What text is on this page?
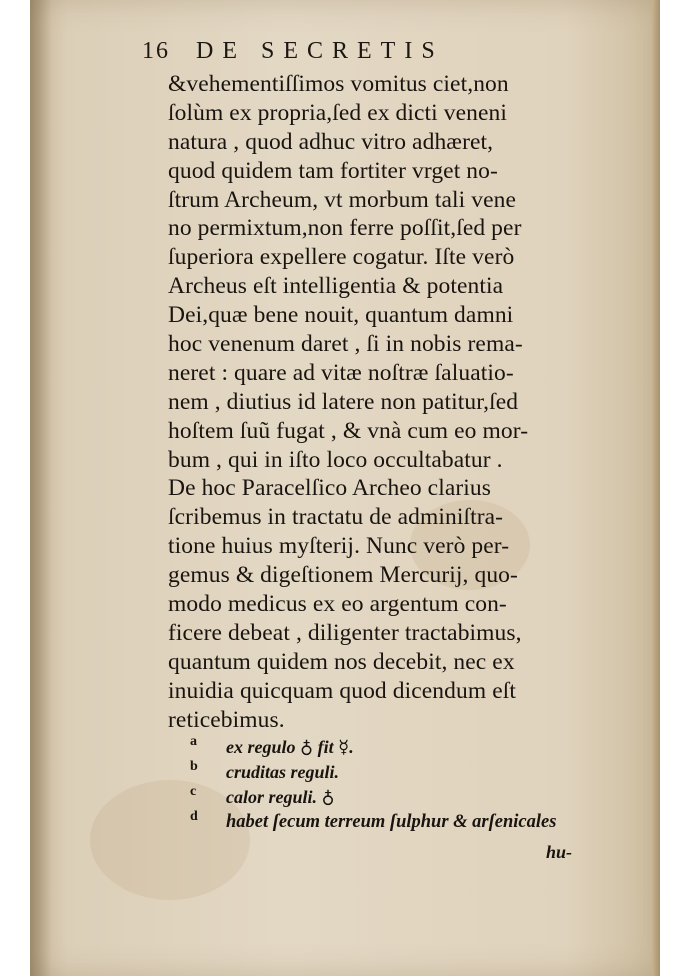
16 DE SECRETIS
&vehementiſſimos vomitus ciet,non
ſolùm ex propria,ſed ex dicti veneni
natura , quod adhuc vitro adhæret,
quod quidem tam fortiter vrget no-
ſtrum Archeum, vt morbum tali vene
no permixtum,non ferre poſſit,ſed per
ſuperiora expellere cogatur. Iſte verò
Archeus eſt intelligentia & potentia
Dei,quæ bene nouit, quantum damni
hoc venenum daret , ſi in nobis rema-
neret : quare ad vitæ noſtræ ſaluatio-
nem , diutius id latere non patitur,ſed
hoſtem ſuũ fugat , & vnà cum eo mor-
bum , qui in iſto loco occultabatur .
De hoc Paracelſico Archeo clarius
ſcribemus in tractatu de adminiſtra-
tione huius myſterij. Nunc verò per-
gemus & digeſtionem Mercurij, quo-
modo medicus ex eo argentum con-
ficere debeat , diligenter tractabimus,
quantum quidem nos decebit, nec ex
inuidia quicquam quod dicendum eſt
reticebimus.
a ex regulo ♁ fit ☿.
b cruditas reguli.
c calor reguli. ♁
d habet ſecum terreum ſulphur & arſenicales
hu-
